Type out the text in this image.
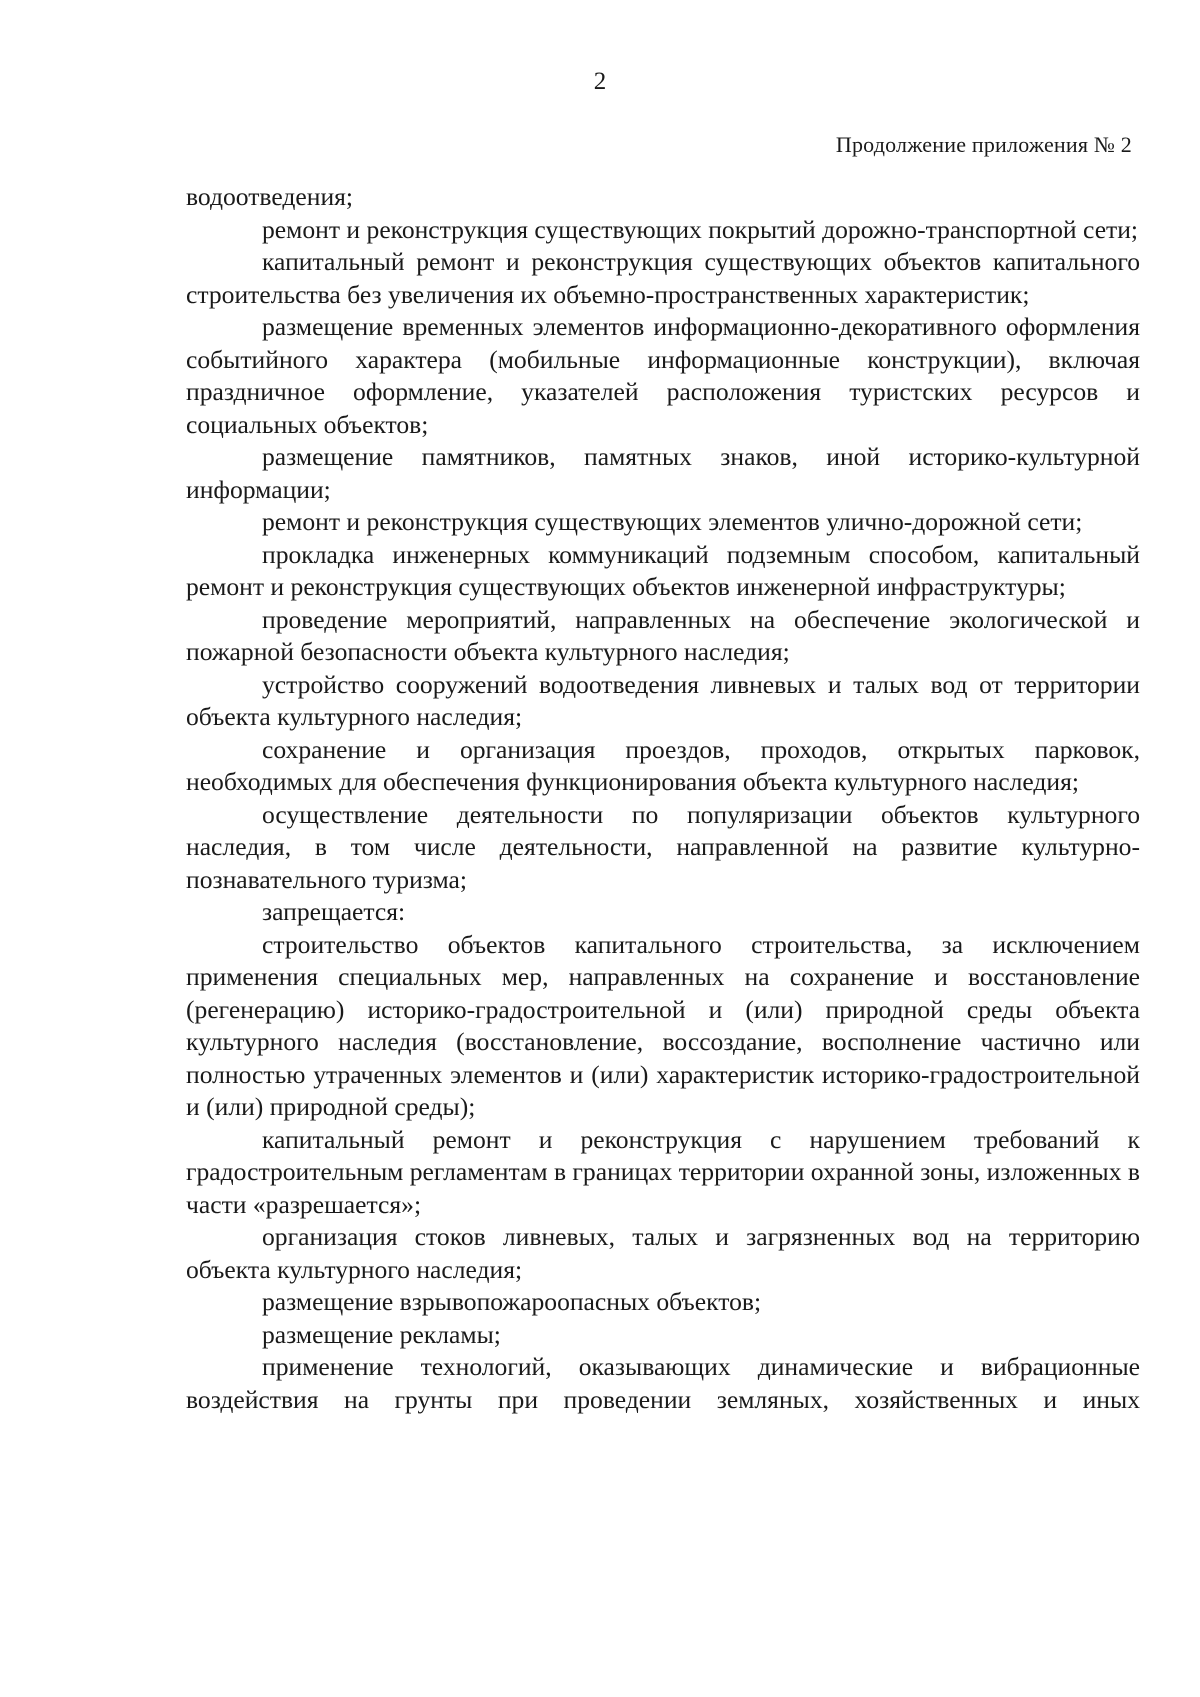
2
Продолжение приложения № 2

водоотведения;

ремонт и реконструкция существующих покрытий дорожно-транспортной сети;

капитальный ремонт и реконструкция существующих объектов капитального строительства без увеличения их объемно-пространственных характеристик;

размещение временных элементов информационно-декоративного оформления событийного характера (мобильные информационные конструкции), включая праздничное оформление, указателей расположения туристских ресурсов и социальных объектов;

размещение памятников, памятных знаков, иной историко-культурной информации;

ремонт и реконструкция существующих элементов улично-дорожной сети;

прокладка инженерных коммуникаций подземным способом, капитальный ремонт и реконструкция существующих объектов инженерной инфраструктуры;

проведение мероприятий, направленных на обеспечение экологической и пожарной безопасности объекта культурного наследия;

устройство сооружений водоотведения ливневых и талых вод от территории объекта культурного наследия;

сохранение и организация проездов, проходов, открытых парковок, необходимых для обеспечения функционирования объекта культурного наследия;

осуществление деятельности по популяризации объектов культурного наследия, в том числе деятельности, направленной на развитие культурно-познавательного туризма;

запрещается:

строительство объектов капитального строительства, за исключением применения специальных мер, направленных на сохранение и восстановление (регенерацию) историко-градостроительной и (или) природной среды объекта культурного наследия (восстановление, воссоздание, восполнение частично или полностью утраченных элементов и (или) характеристик историко-градостроительной и (или) природной среды);

капитальный ремонт и реконструкция с нарушением требований к градостроительным регламентам в границах территории охранной зоны, изложенных в части «разрешается»;

организация стоков ливневых, талых и загрязненных вод на территорию объекта культурного наследия;

размещение взрывопожароопасных объектов;

размещение рекламы;

применение технологий, оказывающих динамические и вибрационные воздействия на грунты при проведении земляных, хозяйственных и иных
